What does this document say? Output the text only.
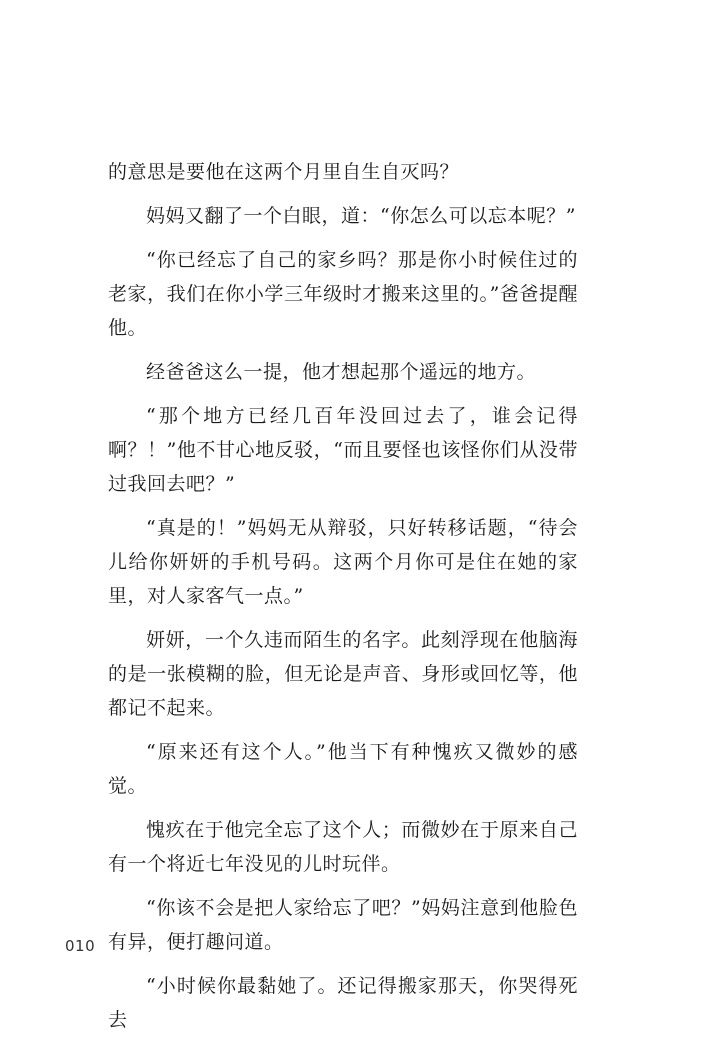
的意思是要他在这两个月里自生自灭吗？

妈妈又翻了一个白眼，道：“你怎么可以忘本呢？”

“你已经忘了自己的家乡吗？那是你小时候住过的老家，我们在你小学三年级时才搬来这里的。”爸爸提醒他。

经爸爸这么一提，他才想起那个遥远的地方。

“那个地方已经几百年没回过去了，谁会记得啊？！”他不甘心地反驳，“而且要怪也该怪你们从没带过我回去吧？”

“真是的！”妈妈无从辩驳，只好转移话题，“待会儿给你妍妍的手机号码。这两个月你可是住在她的家里，对人家客气一点。”

妍妍，一个久违而陌生的名字。此刻浮现在他脑海的是一张模糊的脸，但无论是声音、身形或回忆等，他都记不起来。

“原来还有这个人。”他当下有种愧疚又微妙的感觉。

愧疚在于他完全忘了这个人；而微妙在于原来自己有一个将近七年没见的儿时玩伴。

“你该不会是把人家给忘了吧？”妈妈注意到他脸色有异，便打趣问道。

“小时候你最黏她了。还记得搬家那天，你哭得死去

010
